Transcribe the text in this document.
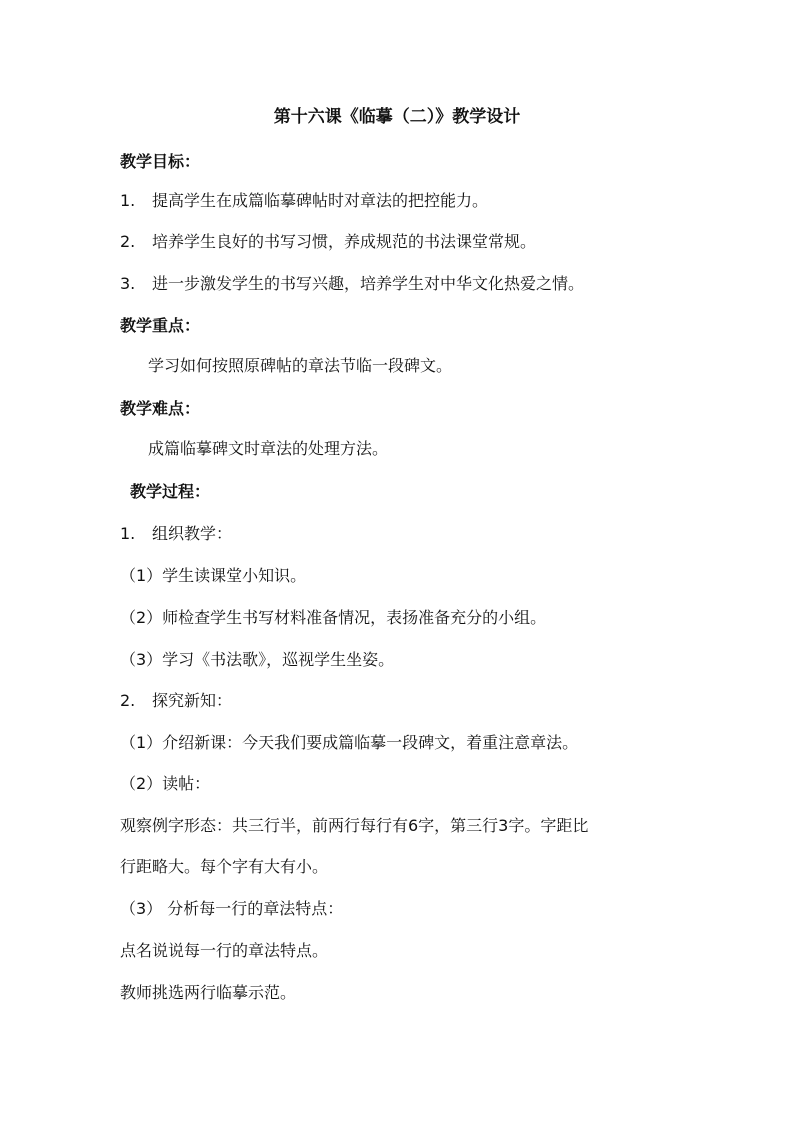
第十六课《临摹（二）》教学设计
教学目标：
1. 提高学生在成篇临摹碑帖时对章法的把控能力。
2. 培养学生良好的书写习惯，养成规范的书法课堂常规。
3. 进一步激发学生的书写兴趣，培养学生对中华文化热爱之情。
教学重点：
学习如何按照原碑帖的章法节临一段碑文。
教学难点：
成篇临摹碑文时章法的处理方法。
教学过程：
1. 组织教学：
（1）学生读课堂小知识。
（2）师检查学生书写材料准备情况，表扬准备充分的小组。
（3）学习《书法歌》，巡视学生坐姿。
2. 探究新知：
（1）介绍新课：今天我们要成篇临摹一段碑文，着重注意章法。
（2）读帖：
观察例字形态：共三行半，前两行每行有6字，第三行3字。字距比
行距略大。每个字有大有小。
（3） 分析每一行的章法特点：
点名说说每一行的章法特点。
教师挑选两行临摹示范。
